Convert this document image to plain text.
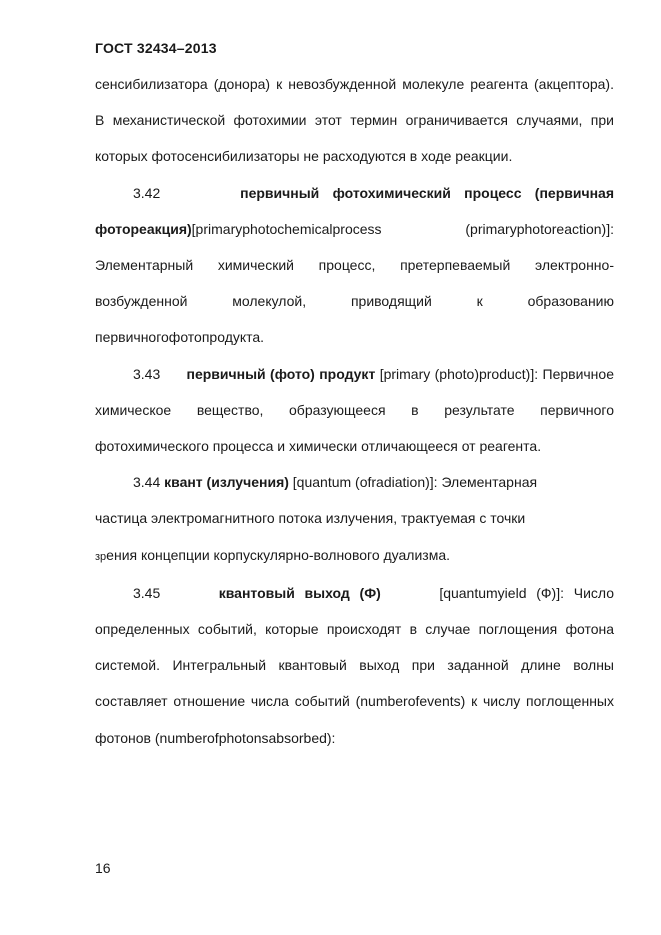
ГОСТ 32434–2013

сенсибилизатора (донора) к невозбужденной молекуле реагента (акцептора). В механистической фотохимии этот термин ограничивается случаями, при которых фотосенсибилизаторы не расходуются в ходе реакции.

3.42	первичный фотохимический процесс (первичная фотореакция)[primaryphotochemicalprocess (primaryphotoreaction)]: Элементарный химический процесс, претерпеваемый электронно-возбужденной молекулой, приводящий к образованию первичногофотопродукта.

3.43 первичный (фото) продукт [primary (photo)product)]: Первичное химическое вещество, образующееся в результате первичного фотохимического процесса и химически отличающееся от реагента.

3.44 квант (излучения) [quantum (ofradiation)]: Элементарная
частица электромагнитного потока излучения, трактуемая с точки
зрения концепции корпускулярно-волнового дуализма.

3.45	квантовый выход (Ф)	[quantumyield (Ф)]: Число определенных событий, которые происходят в случае поглощения фотона системой. Интегральный квантовый выход при заданной длине волны составляет отношение числа событий (numberofevents) к числу поглощенных фотонов (numberofphotonsabsorbed):

16
